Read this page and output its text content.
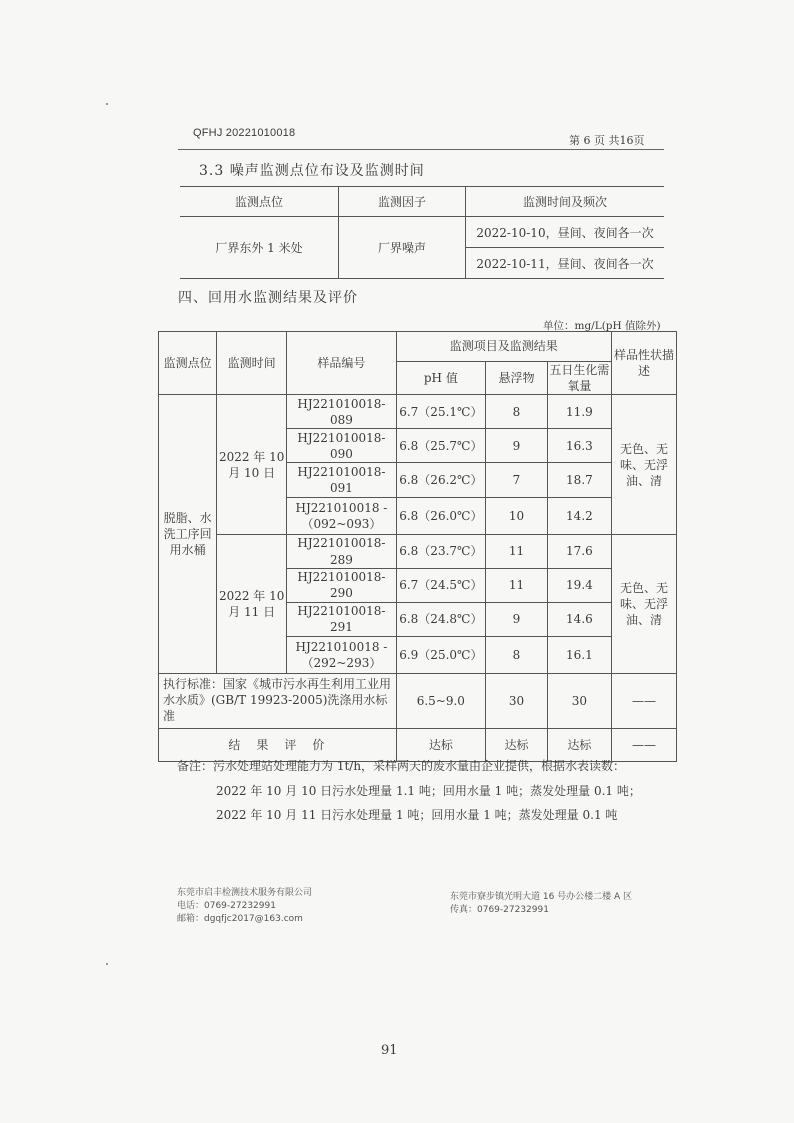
QFHJ 20221010018
第 6 页 共16页
3.3 噪声监测点位布设及监测时间
监测点位	监测因子	监测时间及频次
厂界东外 1 米处	厂界噪声	2022-10-10，昼间、夜间各一次
		2022-10-11，昼间、夜间各一次
四、回用水监测结果及评价
单位：mg/L(pH 值除外)
监测点位	监测时间	样品编号	监测项目及监测结果			样品性状描述
			pH 值	悬浮物	五日生化需氧量	
脱脂、水洗工序回用水桶	2022 年 10 月 10 日	HJ221010018-089	6.7（25.1℃）	8	11.9	无色、无味、无浮油、清
		HJ221010018-090	6.8（25.7℃）	9	16.3	
		HJ221010018-091	6.8（26.2℃）	7	18.7	
		HJ221010018 -（092~093）	6.8（26.0℃）	10	14.2	
	2022 年 10 月 11 日	HJ221010018-289	6.8（23.7℃）	11	17.6	无色、无味、无浮油、清
		HJ221010018-290	6.7（24.5℃）	11	19.4	
		HJ221010018-291	6.8（24.8℃）	9	14.6	
		HJ221010018 -（292~293）	6.9（25.0℃）	8	16.1	
执行标准：国家《城市污水再生利用工业用水水质》(GB/T 19923-2005)洗涤用水标准			6.5~9.0	30	30	——
结　果　评　价			达标	达标	达标	——
备注：污水处理站处理能力为 1t/h，采样两天的废水量由企业提供，根据水表读数：
2022 年 10 月 10 日污水处理量 1.1 吨；回用水量 1 吨；蒸发处理量 0.1 吨；
2022 年 10 月 11 日污水处理量 1 吨；回用水量 1 吨；蒸发处理量 0.1 吨
东莞市启丰检测技术服务有限公司
电话：0769-27232991
邮箱：dgqfjc2017@163.com
东莞市寮步镇光明大道 16 号办公楼二楼 A 区
传真：0769-27232991
91
